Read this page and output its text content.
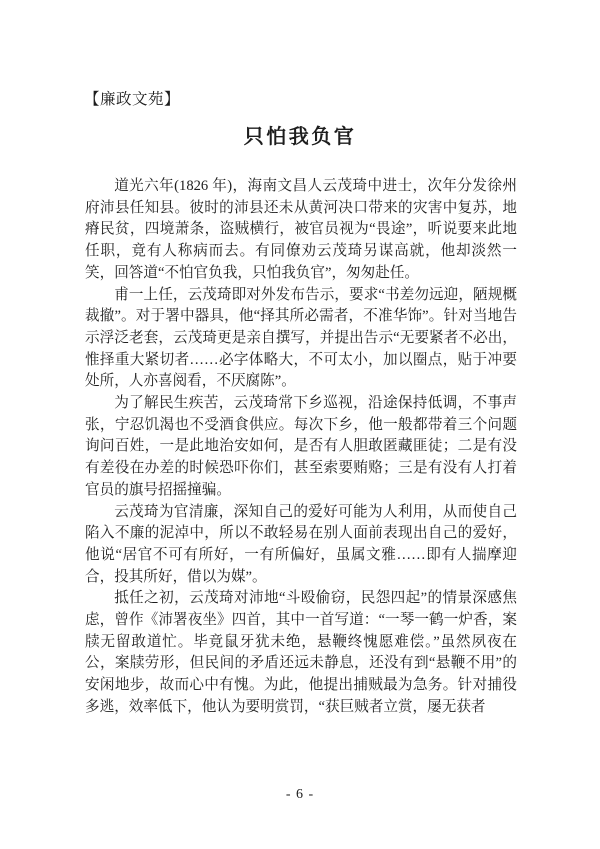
【廉政文苑】
只怕我负官

道光六年(1826 年)，海南文昌人云茂琦中进士，次年分发徐州府沛县任知县。彼时的沛县还未从黄河决口带来的灾害中复苏，地瘠民贫，四境萧条，盗贼横行，被官员视为“畏途”，听说要来此地任职，竟有人称病而去。有同僚劝云茂琦另谋高就，他却淡然一笑，回答道“不怕官负我，只怕我负官”，匆匆赴任。

甫一上任，云茂琦即对外发布告示，要求“书差勿远迎，陋规概裁撤”。对于署中器具，他“择其所必需者，不准华饰”。针对当地告示浮泛老套，云茂琦更是亲自撰写，并提出告示“无要紧者不必出，惟择重大紧切者……必字体略大，不可太小，加以圈点，贴于冲要处所，人亦喜阅看，不厌腐陈”。

为了解民生疾苦，云茂琦常下乡巡视，沿途保持低调，不事声张，宁忍饥渴也不受酒食供应。每次下乡，他一般都带着三个问题询问百姓，一是此地治安如何，是否有人胆敢匿藏匪徒；二是有没有差役在办差的时候恐吓你们，甚至索要贿赂；三是有没有人打着官员的旗号招摇撞骗。

云茂琦为官清廉，深知自己的爱好可能为人利用，从而使自己陷入不廉的泥淖中，所以不敢轻易在别人面前表现出自己的爱好，他说“居官不可有所好，一有所偏好，虽属文雅……即有人揣摩迎合，投其所好，借以为媒”。

抵任之初，云茂琦对沛地“斗殴偷窃，民怨四起”的情景深感焦虑，曾作《沛署夜坐》四首，其中一首写道：“一琴一鹤一炉香，案牍无留敢道忙。毕竟鼠牙犹未绝，悬鞭终愧愿难偿。”虽然夙夜在公，案牍劳形，但民间的矛盾还远未静息，还没有到“悬鞭不用”的安闲地步，故而心中有愧。为此，他提出捕贼最为急务。针对捕役多逃，效率低下，他认为要明赏罚，“获巨贼者立赏，屡无获者

- 6 -
